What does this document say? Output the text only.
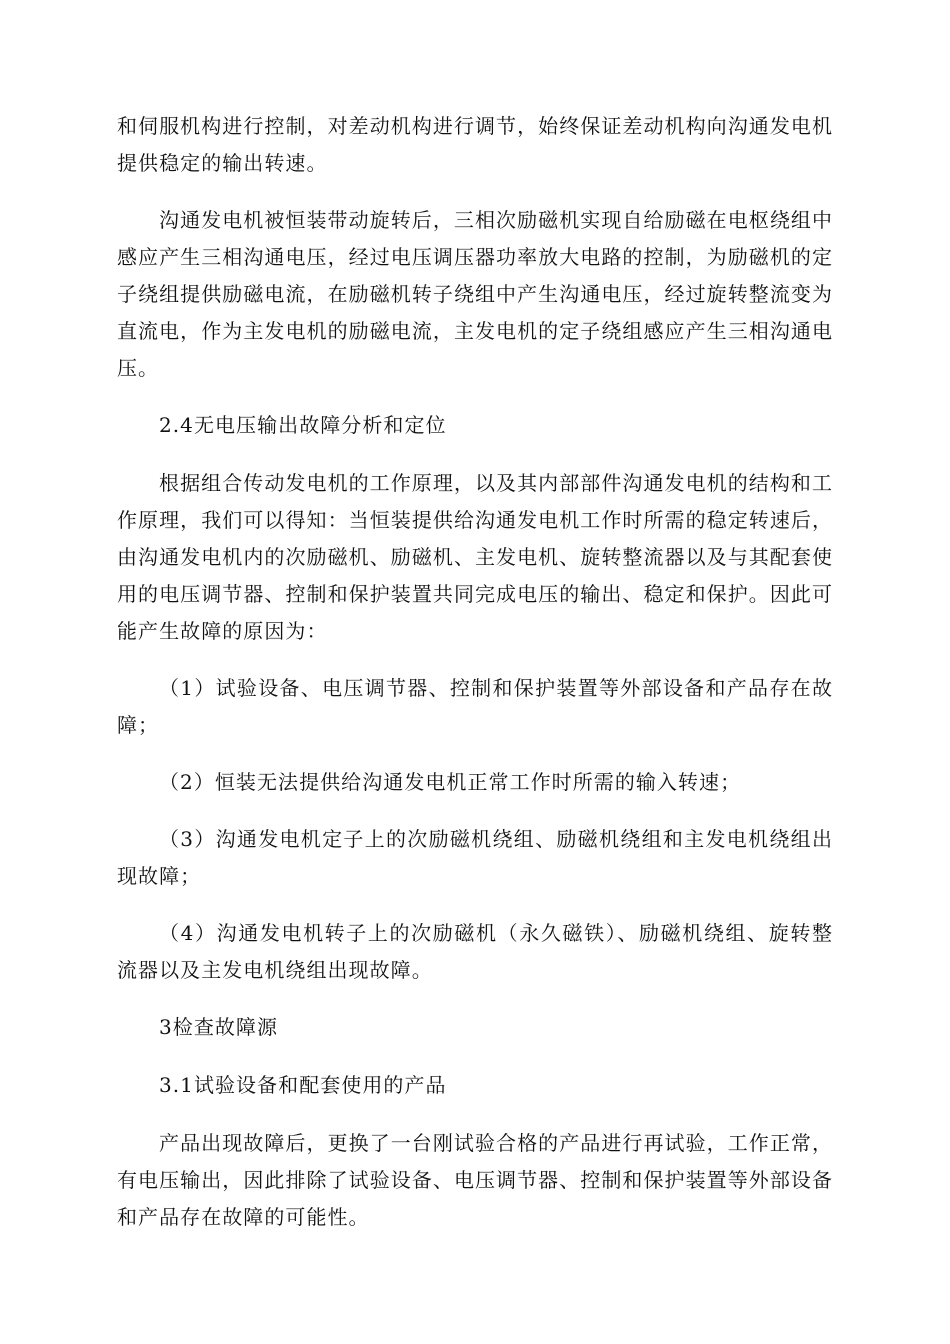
和伺服机构进行控制，对差动机构进行调节，始终保证差动机构向沟通发电机提供稳定的输出转速。

沟通发电机被恒装带动旋转后，三相次励磁机实现自给励磁在电枢绕组中感应产生三相沟通电压，经过电压调压器功率放大电路的控制，为励磁机的定子绕组提供励磁电流，在励磁机转子绕组中产生沟通电压，经过旋转整流变为直流电，作为主发电机的励磁电流，主发电机的定子绕组感应产生三相沟通电压。

2.4无电压输出故障分析和定位

根据组合传动发电机的工作原理，以及其内部部件沟通发电机的结构和工作原理，我们可以得知：当恒装提供给沟通发电机工作时所需的稳定转速后，由沟通发电机内的次励磁机、励磁机、主发电机、旋转整流器以及与其配套使用的电压调节器、控制和保护装置共同完成电压的输出、稳定和保护。因此可能产生故障的原因为：

（1）试验设备、电压调节器、控制和保护装置等外部设备和产品存在故障；

（2）恒装无法提供给沟通发电机正常工作时所需的输入转速；

（3）沟通发电机定子上的次励磁机绕组、励磁机绕组和主发电机绕组出现故障；

（4）沟通发电机转子上的次励磁机（永久磁铁）、励磁机绕组、旋转整流器以及主发电机绕组出现故障。

3检查故障源

3.1试验设备和配套使用的产品

产品出现故障后，更换了一台刚试验合格的产品进行再试验，工作正常，有电压输出，因此排除了试验设备、电压调节器、控制和保护装置等外部设备和产品存在故障的可能性。
